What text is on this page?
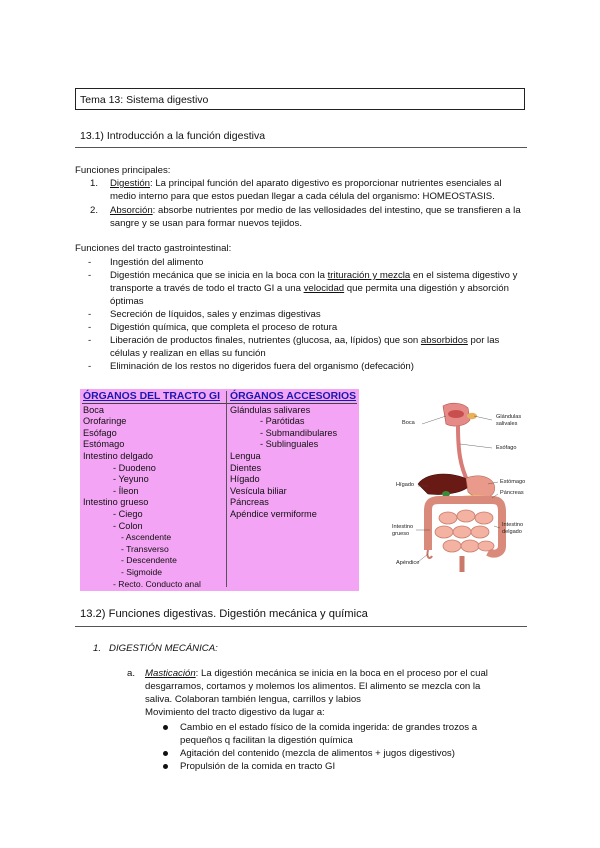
Tema 13: Sistema digestivo
13.1) Introducción a la función digestiva
Funciones principales:
1. Digestión: La principal función del aparato digestivo es proporcionar nutrientes esenciales al medio interno para que estos puedan llegar a cada célula del organismo: HOMEOSTASIS.
2. Absorción: absorbe nutrientes por medio de las vellosidades del intestino, que se transfieren a la sangre y se usan para formar nuevos tejidos.
Funciones del tracto gastrointestinal:
- Ingestión del alimento
- Digestión mecánica que se inicia en la boca con la trituración y mezcla en el sistema digestivo y transporte a través de todo el tracto GI a una velocidad que permita una digestión y absorción óptimas
- Secreción de líquidos, sales y enzimas digestivas
- Digestión química, que completa el proceso de rotura
- Liberación de productos finales, nutrientes (glucosa, aa, lípidos) que son absorbidos por las células y realizan en ellas su función
- Eliminación de los restos no digeridos fuera del organismo (defecación)
ÓRGANOS DEL TRACTO GI
Boca
Orofaringe
Esófago
Estómago
Intestino delgado
- Duodeno
- Yeyuno
- Íleon
Intestino grueso
- Ciego
- Colon
- Ascendente
- Transverso
- Descendente
- Sigmoide
- Recto. Conducto anal
ÓRGANOS ACCESORIOS
Glándulas salivares
- Parótidas
- Submandibulares
- Sublinguales
Lengua
Dientes
Hígado
Vesícula biliar
Páncreas
Apéndice vermiforme
Boca
Glándulas salivales
Esófago
Estómago
Páncreas
Hígado
Intestino grueso
Intestino delgado
Apéndice
13.2) Funciones digestivas. Digestión mecánica y química
1. DIGESTIÓN MECÁNICA:
a. Masticación: La digestión mecánica se inicia en la boca en el proceso por el cual desgarramos, cortamos y molemos los alimentos. El alimento se mezcla con la saliva. Colaboran también lengua, carrillos y labios
Movimiento del tracto digestivo da lugar a:
Cambio en el estado físico de la comida ingerida: de grandes trozos a pequeños q facilitan la digestión química
Agitación del contenido (mezcla de alimentos + jugos digestivos)
Propulsión de la comida en tracto GI
